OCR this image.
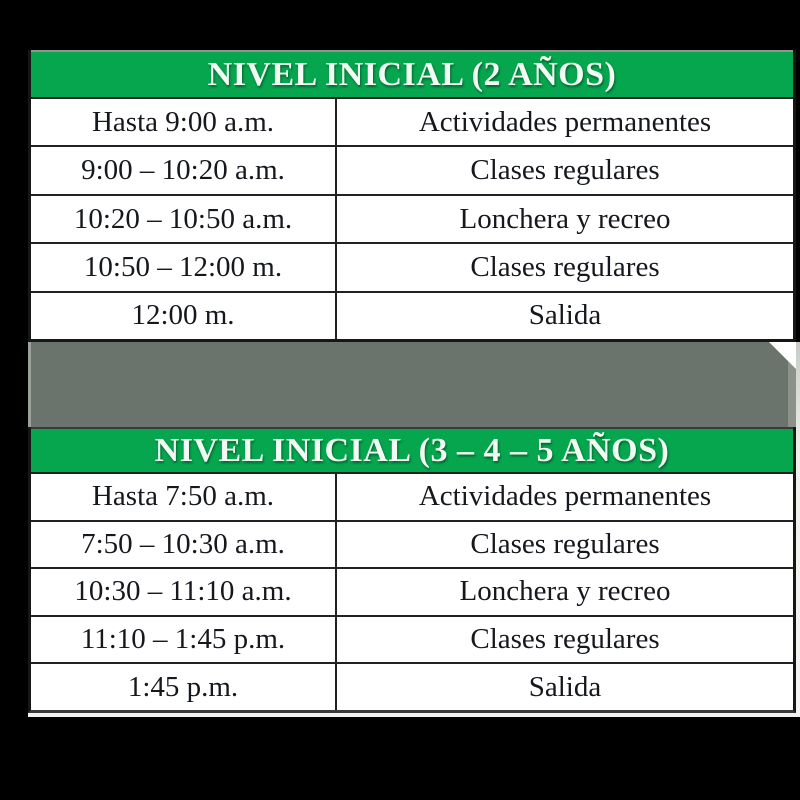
NIVEL INICIAL (2 AÑOS)
Hasta 9:00 a.m.	Actividades permanentes
9:00 – 10:20 a.m.	Clases regulares
10:20 – 10:50 a.m.	Lonchera y recreo
10:50 – 12:00 m.	Clases regulares
12:00 m.	Salida
NIVEL INICIAL (3 – 4 – 5 AÑOS)
Hasta 7:50 a.m.	Actividades permanentes
7:50 – 10:30 a.m.	Clases regulares
10:30 – 11:10 a.m.	Lonchera y recreo
11:10 – 1:45 p.m.	Clases regulares
1:45 p.m.	Salida
